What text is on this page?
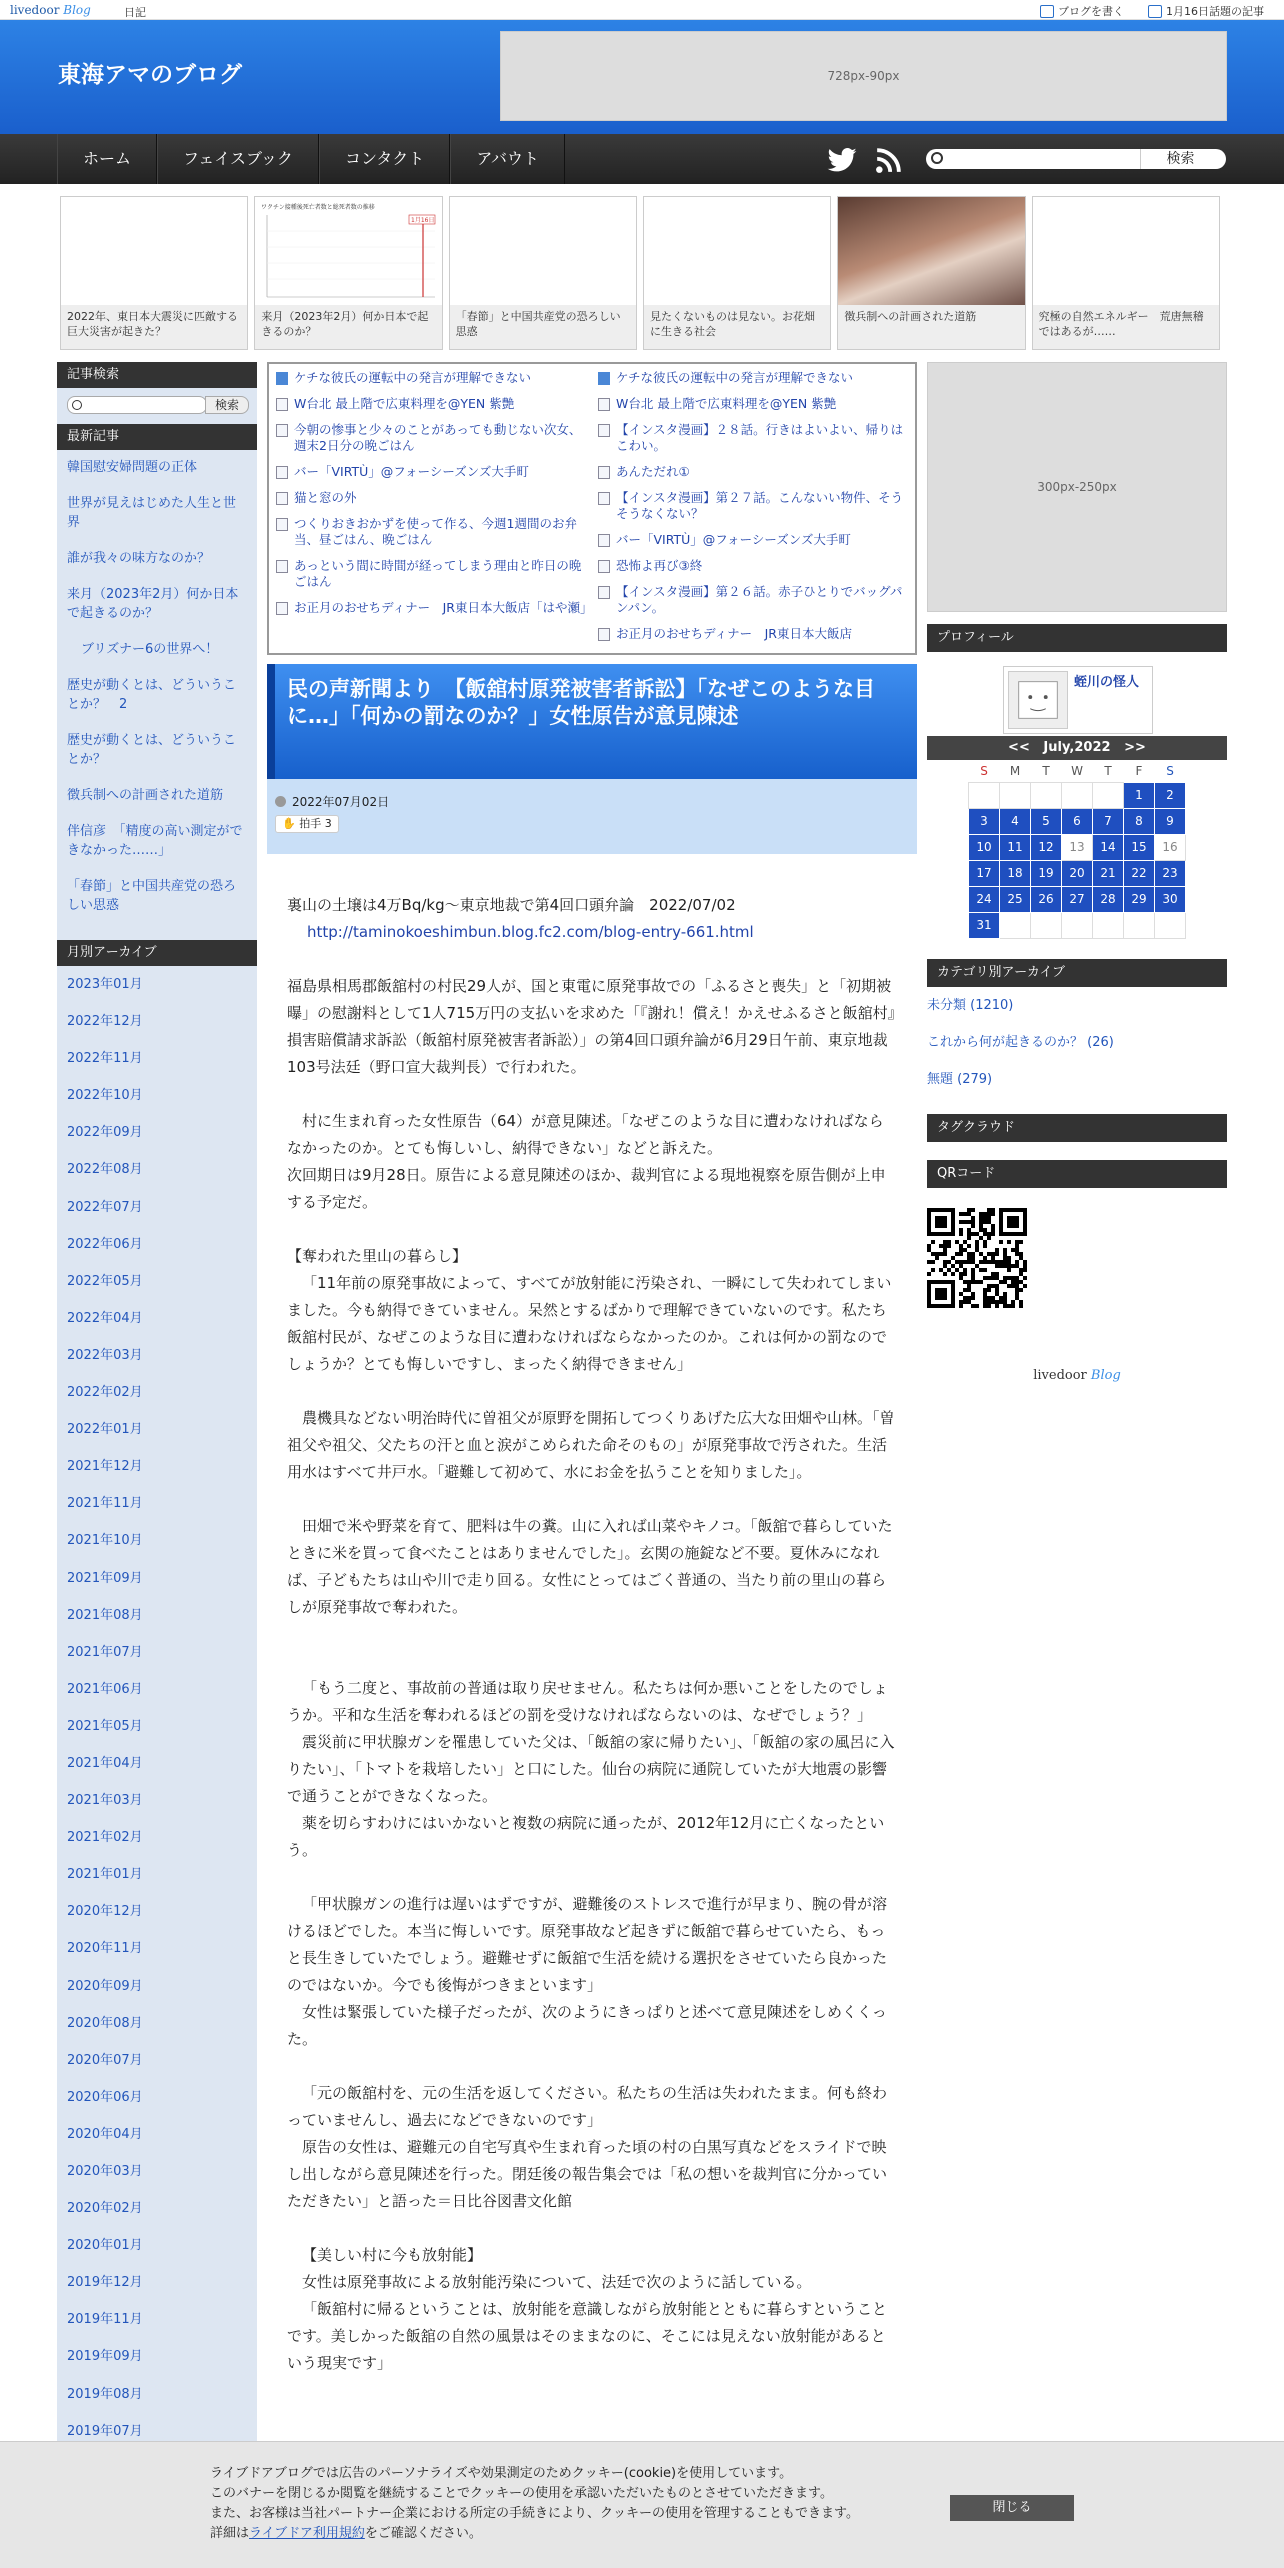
livedoor Blog	日記	ブログを書く	1月16日話題の記事
東海アマのブログ	728px-90px
ホーム	フェイスブック	コンタクト	アバウト	検索
2022年、東日本大震災に匹敵する巨大災害が起きた？
ワクチン接種後死亡者数と総死者数の推移
1月16日
来月（2023年2月）何か日本で起きるのか？
「春節」と中国共産党の恐ろしい思惑
見たくないものは見ない。お花畑に生きる社会
徴兵制への計画された道筋	究極の自然エネルギー　荒唐無稽ではあるが……
記事検索
検索
最新記事
韓国慰安婦問題の正体
世界が見えはじめた人生と世界
誰が我々の味方なのか？
来月（2023年2月）何か日本で起きるのか？
ブリズナー6の世界へ！
歴史が動くとは、どういうことか？　2
歴史が動くとは、どういうことか？
徴兵制への計画された道筋
伴信彦　「精度の高い測定ができなかった……」
「春節」と中国共産党の恐ろしい思惑
月別アーカイブ
2023年01月
2022年12月
2022年11月
2022年10月
2022年09月
2022年08月
2022年07月
2022年06月
2022年05月
2022年04月
2022年03月
2022年02月
2022年01月
2021年12月
2021年11月
2021年10月
2021年09月
2021年08月
2021年07月
2021年06月
2021年05月
2021年04月
2021年03月
2021年02月
2021年01月
2020年12月
2020年11月
2020年09月
2020年08月
2020年07月
2020年06月
2020年04月
2020年03月
2020年02月
2020年01月
2019年12月
2019年11月
2019年09月
2019年08月
2019年07月
ケチな彼氏の運転中の発言が理解できない
W台北 最上階で広東料理を@YEN 紫艶
今朝の惨事と少々のことがあっても動じない次女、週末2日分の晩ごはん
バー「VIRTÙ」@フォーシーズンズ大手町
猫と窓の外
つくりおきおかずを使って作る、今週1週間のお弁当、昼ごはん、晩ごはん
あっという間に時間が経ってしまう理由と昨日の晩ごはん
お正月のおせちディナー　JR東日本大飯店「はや瀬」
ケチな彼氏の運転中の発言が理解できない
W台北 最上階で広東料理を@YEN 紫艶
【インスタ漫画】２８話。行きはよいよい、帰りはこわい。
あんただれ①
【インスタ漫画】第２７話。こんないい物件、そうそうなくない？
バー「VIRTÙ」@フォーシーズンズ大手町
恐怖よ再び③終
【インスタ漫画】第２６話。赤子ひとりでバッグパンパン。
お正月のおせちディナー　JR東日本大飯店
民の声新聞より　【飯舘村原発被害者訴訟】「なぜこのような目に…」「何かの罰なのか？」女性原告が意見陳述
2022年07月02日
✋ 拍手 3

裏山の土壌は4万Bq/kg～東京地裁で第4回口頭弁論　2022/07/02

http://taminokoeshimbun.blog.fc2.com/blog-entry-661.html

福島県相馬郡飯舘村の村民29人が、国と東電に原発事故での「ふるさと喪失」と「初期被曝」の慰謝料として1人715万円の支払いを求めた「『謝れ！償え！かえせふるさと飯舘村』損害賠償請求訴訟（飯舘村原発被害者訴訟）」の第4回口頭弁論が6月29日午前、東京地裁103号法廷（野口宣大裁判長）で行われた。

村に生まれ育った女性原告（64）が意見陳述。「なぜこのような目に遭わなければならなかったのか。とても悔しいし、納得できない」などと訴えた。

次回期日は9月28日。原告による意見陳述のほか、裁判官による現地視察を原告側が上申する予定だ。

【奪われた里山の暮らし】

「11年前の原発事故によって、すべてが放射能に汚染され、一瞬にして失われてしまいました。今も納得できていません。呆然とするばかりで理解できていないのです。私たち飯舘村民が、なぜこのような目に遭わなければならなかったのか。これは何かの罰なのでしょうか？とても悔しいですし、まったく納得できません」

農機具などない明治時代に曽祖父が原野を開拓してつくりあげた広大な田畑や山林。「曽祖父や祖父、父たちの汗と血と涙がこめられた命そのもの」が原発事故で汚された。生活用水はすべて井戸水。「避難して初めて、水にお金を払うことを知りました」。

田畑で米や野菜を育て、肥料は牛の糞。山に入れば山菜やキノコ。「飯舘で暮らしていたときに米を買って食べたことはありませんでした」。玄関の施錠など不要。夏休みになれば、子どもたちは山や川で走り回る。女性にとってはごく普通の、当たり前の里山の暮らしが原発事故で奪われた。

「もう二度と、事故前の普通は取り戻せません。私たちは何か悪いことをしたのでしょうか。平和な生活を奪われるほどの罰を受けなければならないのは、なぜでしょう？」

震災前に甲状腺ガンを罹患していた父は、「飯舘の家に帰りたい」、「飯舘の家の風呂に入りたい」、「トマトを栽培したい」と口にした。仙台の病院に通院していたが大地震の影響で通うことができなくなった。

薬を切らすわけにはいかないと複数の病院に通ったが、2012年12月に亡くなったという。

「甲状腺ガンの進行は遅いはずですが、避難後のストレスで進行が早まり、腕の骨が溶けるほどでした。本当に悔しいです。原発事故など起きずに飯舘で暮らせていたら、もっと長生きしていたでしょう。避難せずに飯舘で生活を続ける選択をさせていたら良かったのではないか。今でも後悔がつきまといます」

女性は緊張していた様子だったが、次のようにきっぱりと述べて意見陳述をしめくくった。

「元の飯舘村を、元の生活を返してください。私たちの生活は失われたまま。何も終わっていませんし、過去になどできないのです」

原告の女性は、避難元の自宅写真や生まれ育った頃の村の白黒写真などをスライドで映し出しながら意見陳述を行った。閉廷後の報告集会では「私の想いを裁判官に分かっていただきたい」と語った＝日比谷図書文化館

【美しい村に今も放射能】

女性は原発事故による放射能汚染について、法廷で次のように話している。

「飯舘村に帰るということは、放射能を意識しながら放射能とともに暮らすということです。美しかった飯舘の自然の風景はそのままなのに、そこには見えない放射能があるという現実です」

300px-250px
プロフィール
蛭川の怪人
<< July,2022 >>
S	M	T	W	T	F	S
					1	2
3	4	5	6	7	8	9
10	11	12	13	14	15	16
17	18	19	20	21	22	23
24	25	26	27	28	29	30
31						
カテゴリ別アーカイブ
未分類 (1210)
これから何が起きるのか？ (26)
無題 (279)
タグクラウド
QRコード
livedoor Blog
ライブドアブログでは広告のパーソナライズや効果測定のためクッキー(cookie)を使用しています。
このバナーを閉じるか閲覧を継続することでクッキーの使用を承認いただいたものとさせていただきます。
また、お客様は当社パートナー企業における所定の手続きにより、クッキーの使用を管理することもできます。
詳細はライブドア利用規約をご確認ください。
閉じる
